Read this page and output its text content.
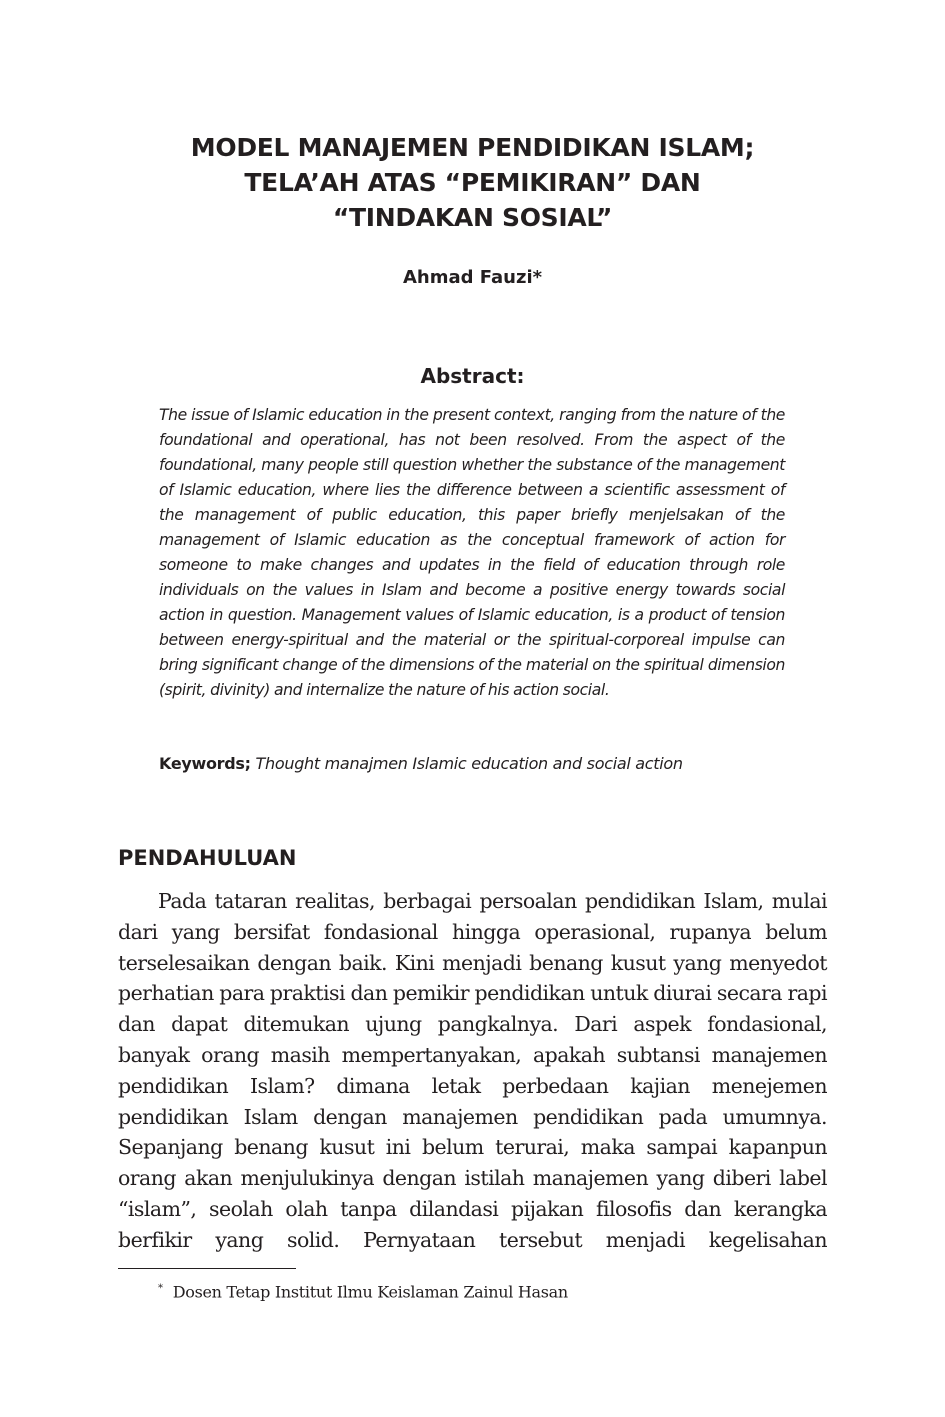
MODEL MANAJEMEN PENDIDIKAN ISLAM;
TELA’AH ATAS “PEMIKIRAN” DAN
“TINDAKAN SOSIAL”
Ahmad Fauzi*
Abstract:

The issue of Islamic education in the present context, ranging from the nature of the foundational and operational, has not been resolved. From the aspect of the foundational, many people still question whether the substance of the management of Islamic education, where lies the difference between a scientific assessment of the management of public education, this paper briefly menjelsakan of the management of Islamic education as the conceptual framework of action for someone to make changes and updates in the field of education through role individuals on the values in Islam and become a positive energy towards social action in question. Management values of Islamic education, is a product of tension between energy-spiritual and the material or the spiritual-corporeal impulse can bring significant change of the dimensions of the material on the spiritual dimension (spirit, divinity) and internalize the nature of his action social.

Keywords; Thought manajmen Islamic education and social action
PENDAHULUAN

Pada tataran realitas, berbagai persoalan pendidikan Islam, mulai dari yang bersifat fondasional hingga operasional, rupanya belum terselesaikan dengan baik. Kini menjadi benang kusut yang menyedot perhatian para praktisi dan pemikir pendidikan untuk diurai secara rapi dan dapat ditemukan ujung pangkalnya. Dari aspek fondasional, banyak orang masih mempertanyakan, apakah subtansi manajemen pendidikan Islam? dimana letak perbedaan kajian menejemen pendidikan Islam dengan manajemen pendidikan pada umumnya. Sepanjang benang kusut ini belum terurai, maka sampai kapanpun orang akan menjulukinya dengan istilah manajemen yang diberi label “islam”, seolah olah tanpa dilandasi pijakan filosofis dan kerangka berfikir yang solid. Pernyataan tersebut menjadi kegelisahan

* Dosen Tetap Institut Ilmu Keislaman Zainul Hasan
